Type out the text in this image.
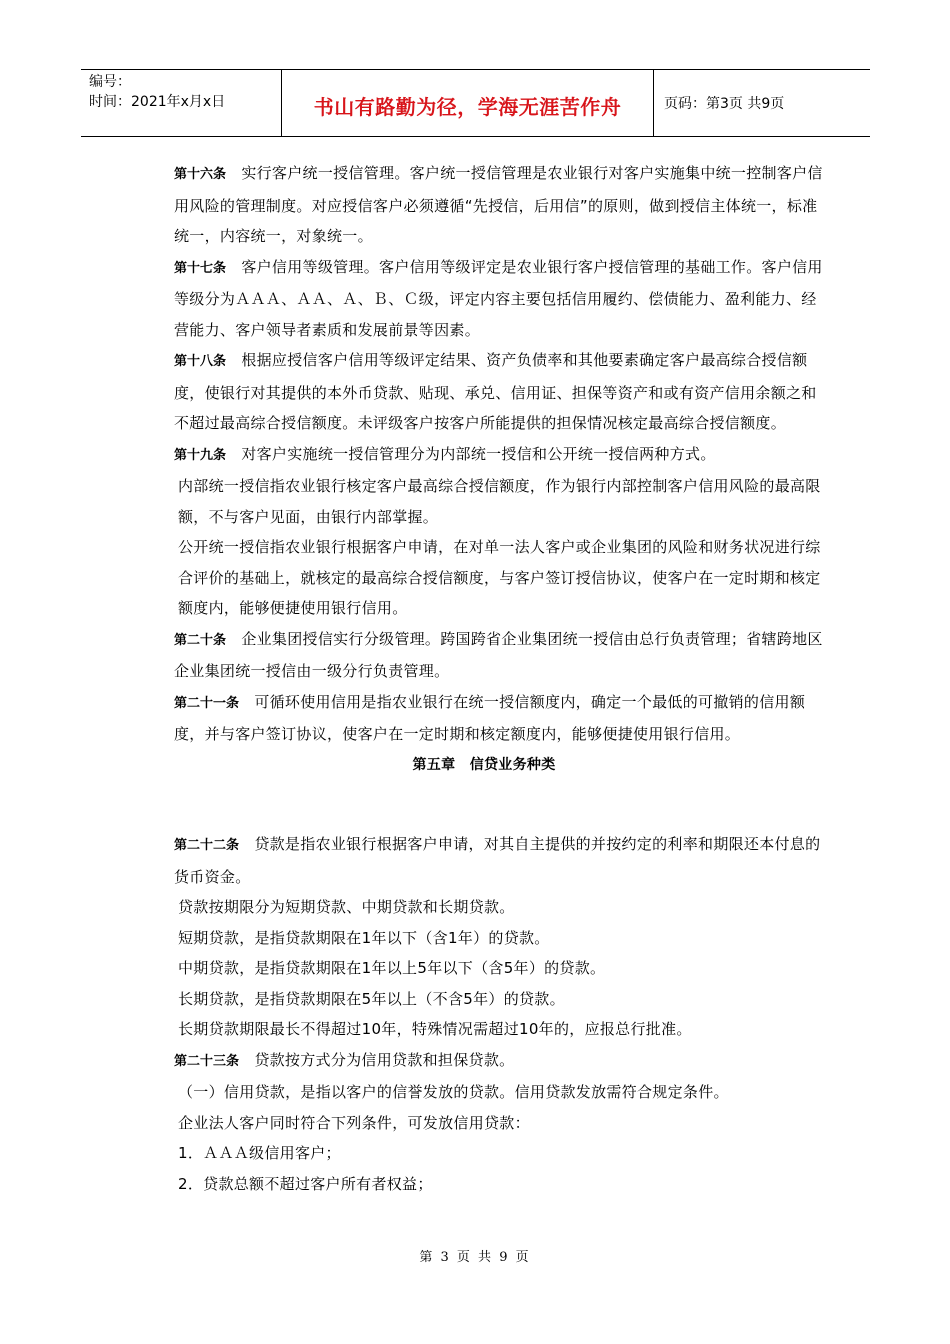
编号：
时间：2021年x月x日	书山有路勤为径，学海无涯苦作舟	页码：第3页 共9页

第十六条　 实行客户统一授信管理。客户统一授信管理是农业银行对客户实施集中统一控制客户信用风险的管理制度。对应授信客户必须遵循“先授信，后用信”的原则，做到授信主体统一，标准统一，内容统一，对象统一。

第十七条　 客户信用等级管理。客户信用等级评定是农业银行客户授信管理的基础工作。客户信用等级分为ＡＡＡ、ＡＡ、Ａ、Ｂ、Ｃ级，评定内容主要包括信用履约、偿债能力、盈利能力、经营能力、客户领导者素质和发展前景等因素。

第十八条　 根据应授信客户信用等级评定结果、资产负债率和其他要素确定客户最高综合授信额度，使银行对其提供的本外币贷款、贴现、承兑、信用证、担保等资产和或有资产信用余额之和不超过最高综合授信额度。未评级客户按客户所能提供的担保情况核定最高综合授信额度。

第十九条　 对客户实施统一授信管理分为内部统一授信和公开统一授信两种方式。

内部统一授信指农业银行核定客户最高综合授信额度，作为银行内部控制客户信用风险的最高限额，不与客户见面，由银行内部掌握。

公开统一授信指农业银行根据客户申请，在对单一法人客户或企业集团的风险和财务状况进行综合评价的基础上，就核定的最高综合授信额度，与客户签订授信协议，使客户在一定时期和核定额度内，能够便捷使用银行信用。

第二十条　 企业集团授信实行分级管理。跨国跨省企业集团统一授信由总行负责管理；省辖跨地区企业集团统一授信由一级分行负责管理。

第二十一条　 可循环使用信用是指农业银行在统一授信额度内，确定一个最低的可撤销的信用额度，并与客户签订协议，使客户在一定时期和核定额度内，能够便捷使用银行信用。

第五章　信贷业务种类

第二十二条　 贷款是指农业银行根据客户申请，对其自主提供的并按约定的利率和期限还本付息的货币资金。

贷款按期限分为短期贷款、中期贷款和长期贷款。

短期贷款，是指贷款期限在1年以下（含1年）的贷款。

中期贷款，是指贷款期限在1年以上5年以下（含5年）的贷款。

长期贷款，是指贷款期限在5年以上（不含5年）的贷款。

长期贷款期限最长不得超过10年，特殊情况需超过10年的，应报总行批准。

第二十三条　 贷款按方式分为信用贷款和担保贷款。

（一）信用贷款，是指以客户的信誉发放的贷款。信用贷款发放需符合规定条件。

企业法人客户同时符合下列条件，可发放信用贷款：

1．ＡＡＡ级信用客户；

2．贷款总额不超过客户所有者权益；

第 3 页 共 9 页
